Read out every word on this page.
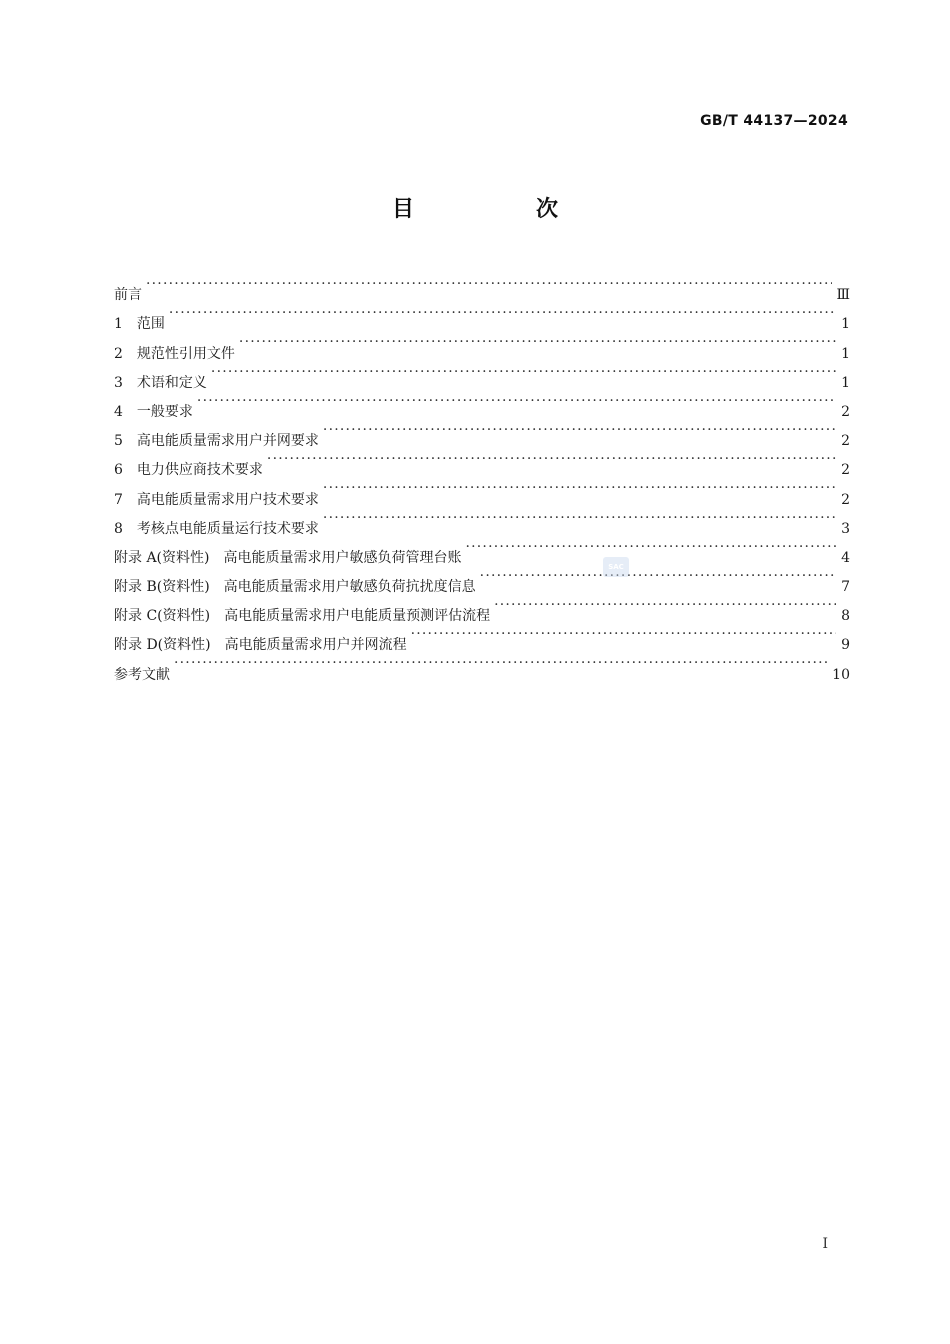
GB/T 44137—2024
目　次
前言 ·····	Ⅲ
1　范围 ·····	1
2　规范性引用文件 ·····	1
3　术语和定义 ·····	1
4　一般要求 ·····	2
5　高电能质量需求用户并网要求 ·····	2
6　电力供应商技术要求 ·····	2
7　高电能质量需求用户技术要求 ·····	2
8　考核点电能质量运行技术要求 ·····	3
附录 A(资料性)　高电能质量需求用户敏感负荷管理台账 ·····	4
附录 B(资料性)　高电能质量需求用户敏感负荷抗扰度信息 ·····	7
附录 C(资料性)　高电能质量需求用户电能质量预测评估流程 ·····	8
附录 D(资料性)　高电能质量需求用户并网流程 ·····	9
参考文献 ·····	10
SAC
I
